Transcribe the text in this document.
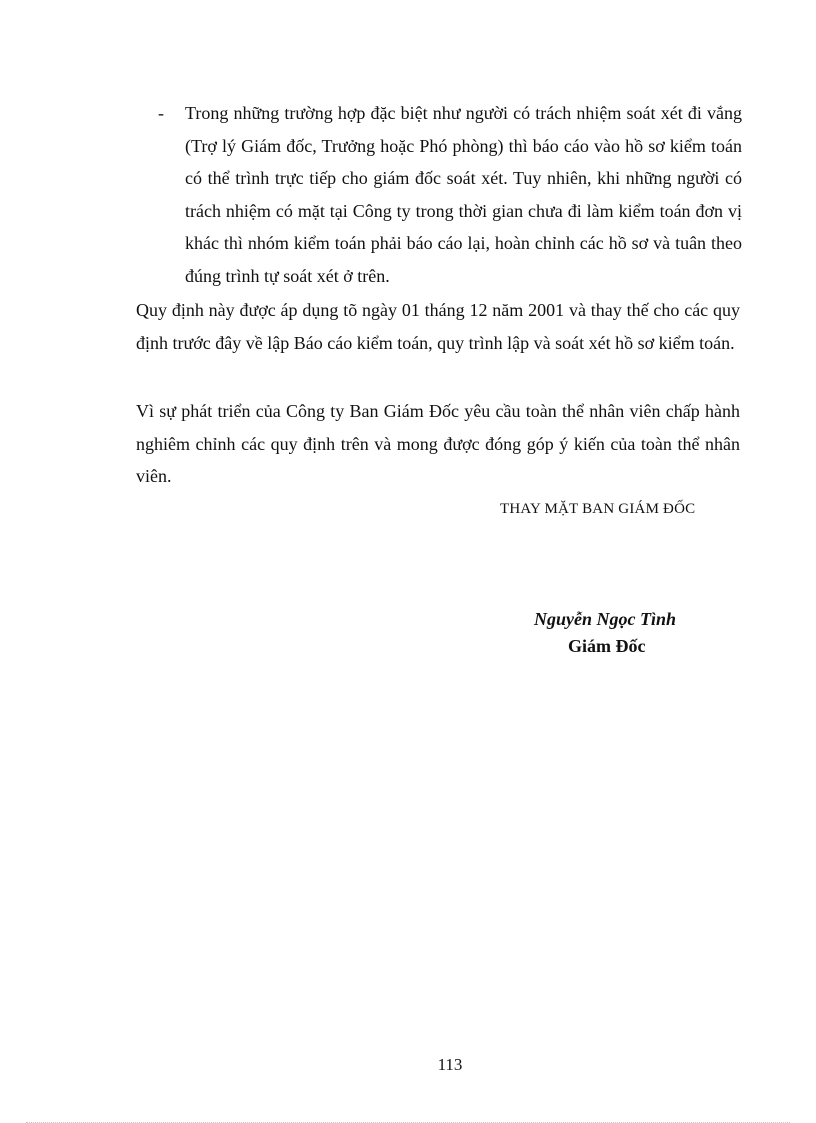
- Trong những trường hợp đặc biệt như người có trách nhiệm soát xét đi vắng (Trợ lý Giám đốc, Trưởng hoặc Phó phòng) thì báo cáo vào hồ sơ kiểm toán có thể trình trực tiếp cho giám đốc soát xét. Tuy nhiên, khi những người có trách nhiệm có mặt tại Công ty trong thời gian chưa đi làm kiểm toán đơn vị khác thì nhóm kiểm toán phải báo cáo lại, hoàn chỉnh các hồ sơ và tuân theo đúng trình tự soát xét ở trên.

Quy định này được áp dụng tõ ngày 01 tháng 12 năm 2001 và thay thế cho các quy định trước đây về lập Báo cáo kiểm toán, quy trình lập và soát xét hồ sơ kiểm toán.

Vì sự phát triển của Công ty Ban Giám Đốc yêu cầu toàn thể nhân viên chấp hành nghiêm chỉnh các quy định trên và mong được đóng góp ý kiến của toàn thể nhân viên.

THAY MẶT BAN GIÁM ĐỐC
Nguyễn Ngọc Tình
Giám Đốc
113
